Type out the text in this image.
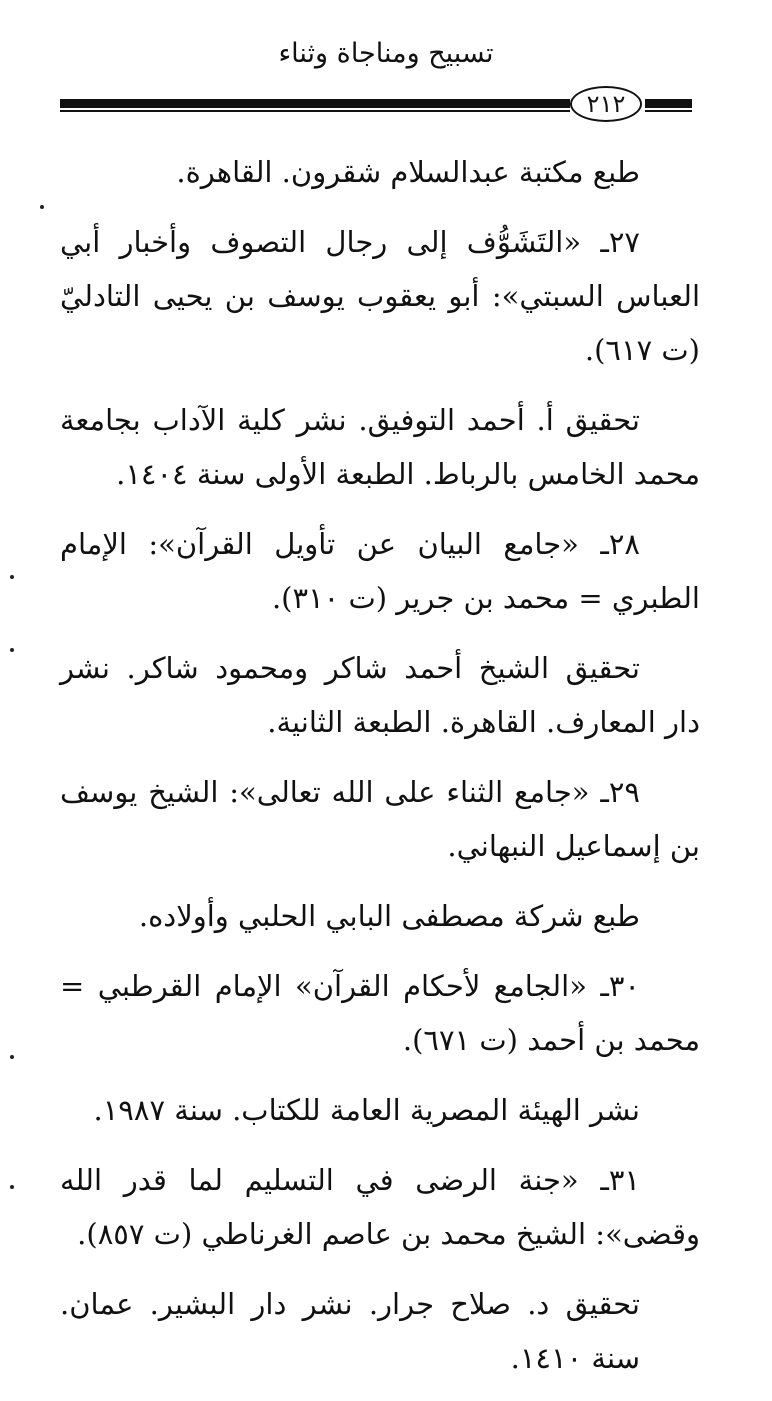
تسبيح ومناجاة وثناء
٢١٢

طبع مكتبة عبدالسلام شقرون. القاهرة.

٢٧ـ «التَشَوُّف إلى رجال التصوف وأخبار أبي العباس السبتي»: أبو يعقوب يوسف بن يحيى التادليّ (ت ٦١٧).

تحقيق أ. أحمد التوفيق. نشر كلية الآداب بجامعة محمد الخامس بالرباط. الطبعة الأولى سنة ١٤٠٤.

٢٨ـ «جامع البيان عن تأويل القرآن»: الإمام الطبري = محمد بن جرير (ت ٣١٠).

تحقيق الشيخ أحمد شاكر ومحمود شاكر. نشر دار المعارف. القاهرة. الطبعة الثانية.

٢٩ـ «جامع الثناء على الله تعالى»: الشيخ يوسف بن إسماعيل النبهاني.

طبع شركة مصطفى البابي الحلبي وأولاده.

٣٠ـ «الجامع لأحكام القرآن» الإمام القرطبي = محمد بن أحمد (ت ٦٧١).

نشر الهيئة المصرية العامة للكتاب. سنة ١٩٨٧.

٣١ـ «جنة الرضى في التسليم لما قدر الله وقضى»: الشيخ محمد بن عاصم الغرناطي (ت ٨٥٧).

تحقيق د. صلاح جرار. نشر دار البشير. عمان. سنة ١٤١٠.
